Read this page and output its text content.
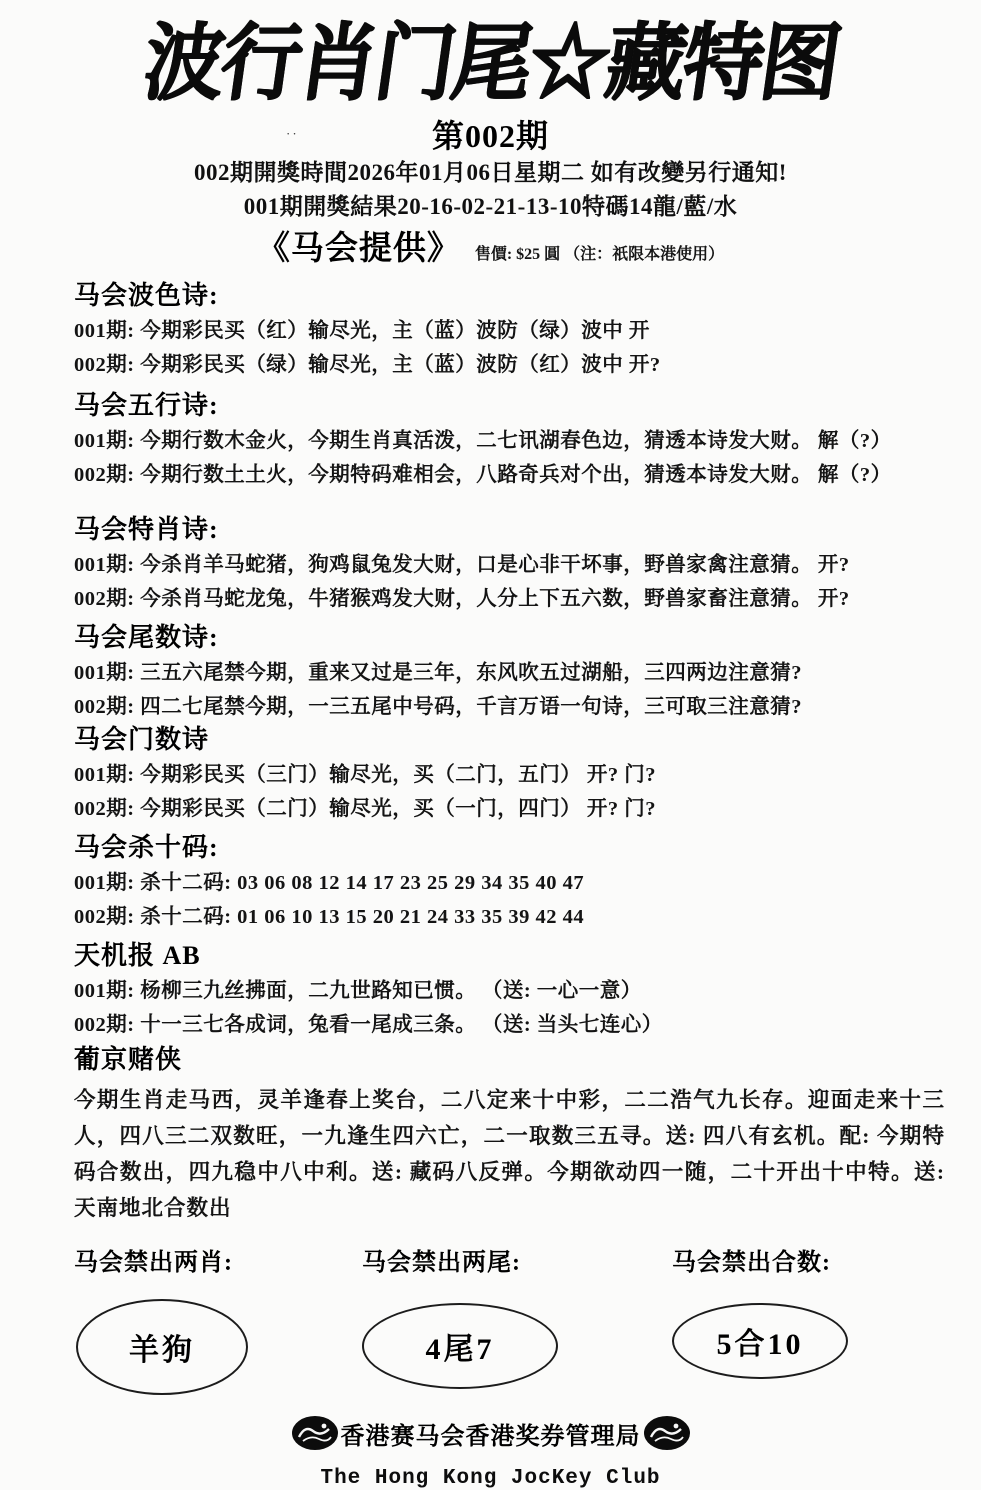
波行肖门尾☆藏特图
··	第002期
002期開獎時間2026年01月06日星期二 如有改變另行通知!
001期開獎結果20-16-02-21-13-10特碼14龍/藍/水
《马会提供》 售價: $25 圓 （注：祇限本港使用）
马会波色诗:

001期: 今期彩民买（红）输尽光，主（蓝）波防（绿）波中 开

002期: 今期彩民买（绿）输尽光，主（蓝）波防（红）波中 开?

马会五行诗:

001期: 今期行数木金火，今期生肖真活泼，二七讯湖春色边，猜透本诗发大财。 解（?）

002期: 今期行数土土火，今期特码难相会，八路奇兵对个出，猜透本诗发大财。 解（?）

马会特肖诗:

001期: 今杀肖羊马蛇猪，狗鸡鼠兔发大财，口是心非干坏事，野兽家禽注意猜。 开?

002期: 今杀肖马蛇龙兔，牛猪猴鸡发大财，人分上下五六数，野兽家畜注意猜。 开?

马会尾数诗:

001期: 三五六尾禁今期，重来又过是三年，东风吹五过湖船，三四两边注意猜?

002期: 四二七尾禁今期，一三五尾中号码，千言万语一句诗，三可取三注意猜?

马会门数诗

001期: 今期彩民买（三门）输尽光，买（二门，五门） 开? 门?

002期: 今期彩民买（二门）输尽光，买（一门，四门） 开? 门?

马会杀十码:

001期: 杀十二码: 03 06 08 12 14 17 23 25 29 34 35 40 47

002期: 杀十二码: 01 06 10 13 15 20 21 24 33 35 39 42 44

天机报 AB

001期: 杨柳三九丝拂面，二九世路知已惯。 （送: 一心一意）

002期: 十一三七各成词，兔看一尾成三条。 （送: 当头七连心）

葡京赌侠

今期生肖走马西，灵羊逢春上奖台，二八定来十中彩，二二浩气九长存。迎面走来十三人，四八三二双数旺，一九逢生四六亡，二一取数三五寻。送: 四八有玄机。配: 今期特码合数出，四九稳中八中利。送: 藏码八反弹。今期欲动四一随，二十开出十中特。送: 天南地北合数出

马会禁出两肖:
羊狗
马会禁出两尾:
4尾7
马会禁出合数:
5合10
香港赛马会香港奖券管理局
The Hong Kong JocKey Club
